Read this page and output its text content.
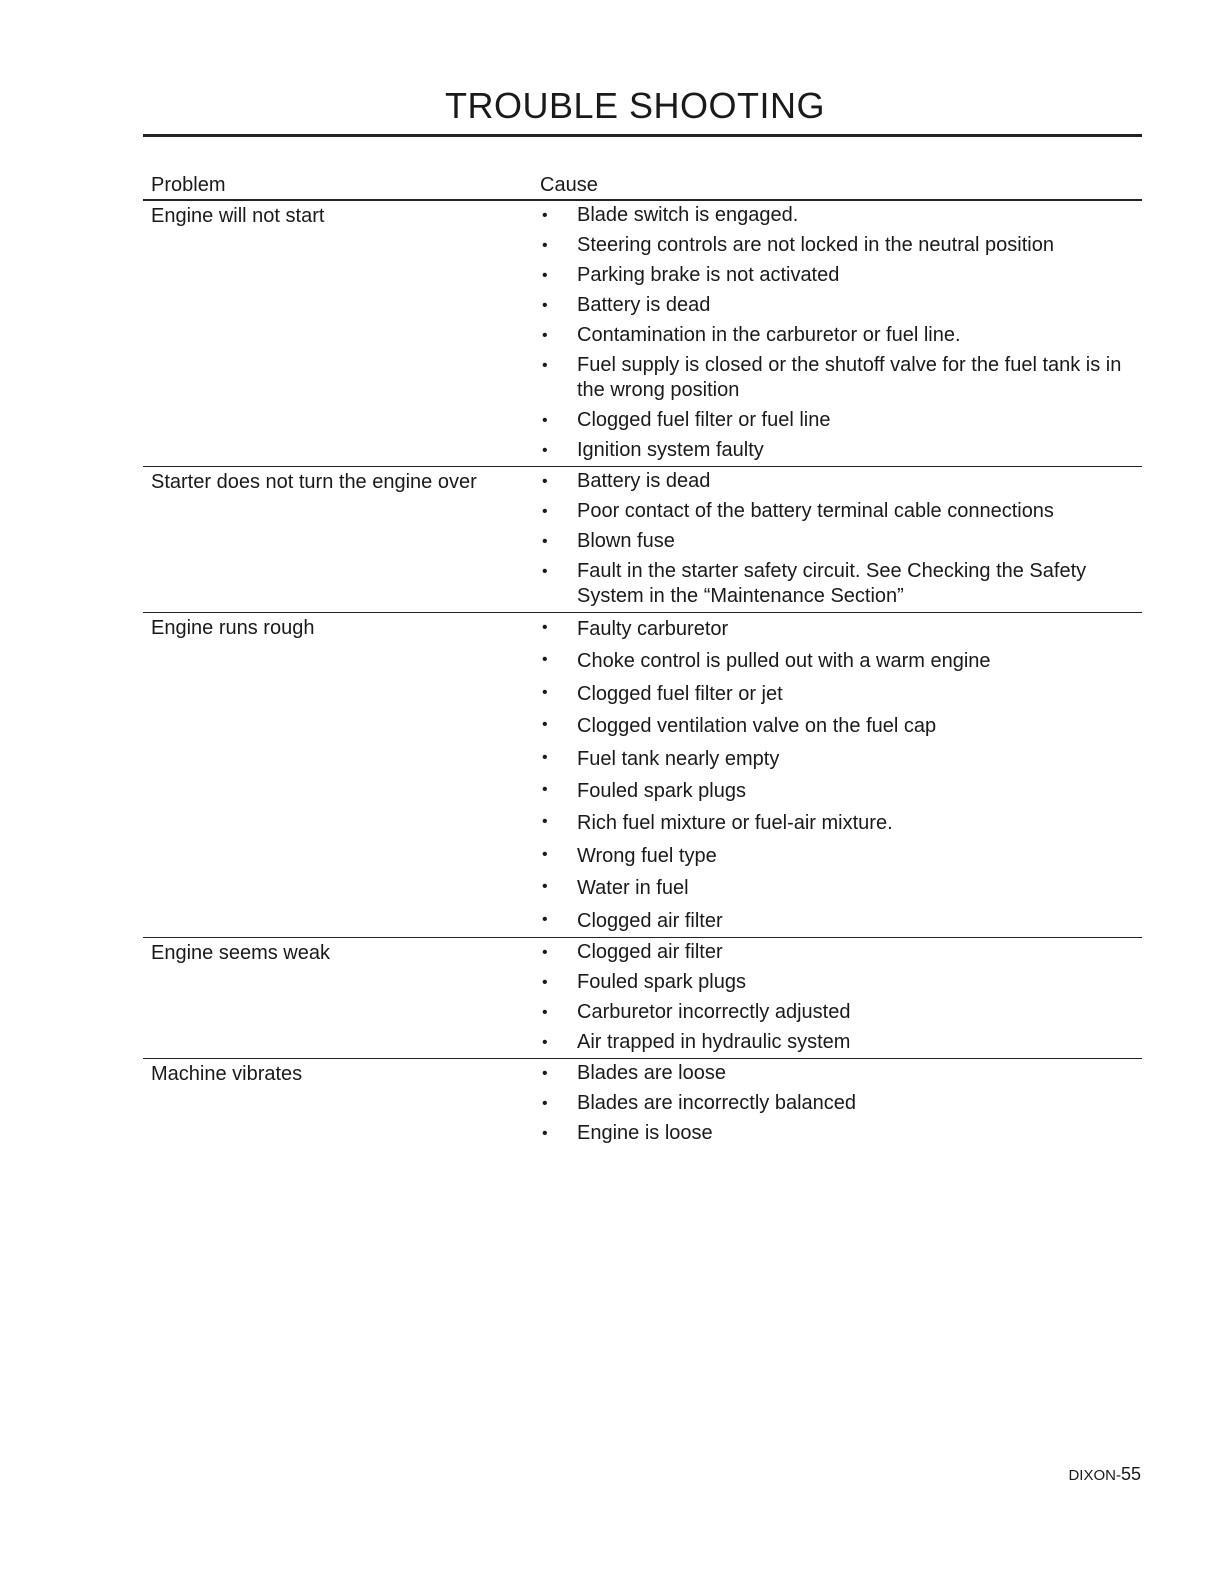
TROUBLE SHOOTING
Problem	Cause
Engine will not start	• Blade switch is engaged.
• Steering controls are not locked in the neutral position
• Parking brake is not activated
• Battery is dead
• Contamination in the carburetor or fuel line.
• Fuel supply is closed or the shutoff valve for the fuel tank is in the wrong position
• Clogged fuel filter or fuel line
• Ignition system faulty
Starter does not turn the engine over	• Battery is dead
• Poor contact of the battery terminal cable connections
• Blown fuse
• Fault in the starter safety circuit. See Checking the Safety System in the “Maintenance Section”
Engine runs rough	• Faulty carburetor
• Choke control is pulled out with a warm engine
• Clogged fuel filter or jet
• Clogged ventilation valve on the fuel cap
• Fuel tank nearly empty
• Fouled spark plugs
• Rich fuel mixture or fuel-air mixture.
• Wrong fuel type
• Water in fuel
• Clogged air filter
Engine seems weak	• Clogged air filter
• Fouled spark plugs
• Carburetor incorrectly adjusted
• Air trapped in hydraulic system
Machine vibrates	• Blades are loose
• Blades are incorrectly balanced
• Engine is loose
DIXON-55
